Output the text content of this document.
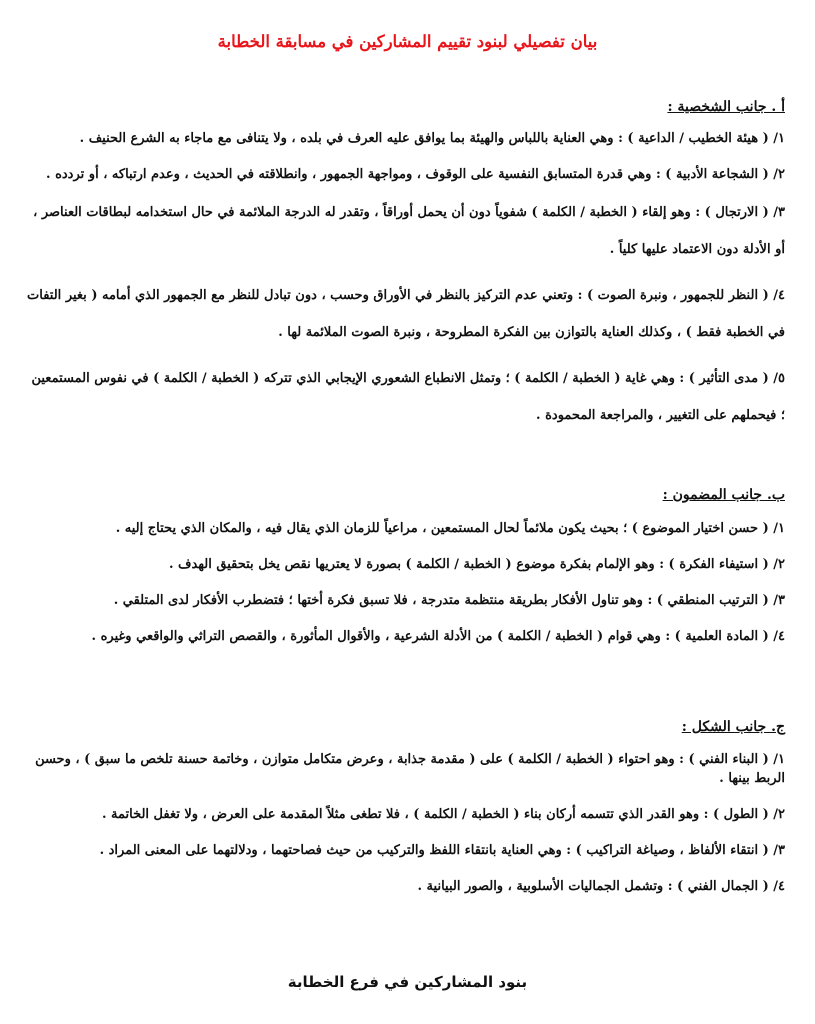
بيان تفصيلي لبنود تقييم المشاركين في مسابقة الخطابة
أ . جانب الشخصية :
١/ ( هيئة الخطيب / الداعية ) : وهي العناية باللباس والهيئة بما يوافق عليه العرف في بلده ، ولا يتنافى مع ماجاء به الشرع الحنيف .
٢/ ( الشجاعة الأدبية ) : وهي قدرة المتسابق النفسية على الوقوف ، ومواجهة الجمهور ، وانطلاقته في الحديث ، وعدم ارتباكه ، أو تردده .
٣/ ( الارتجال ) : وهو إلقاء ( الخطبة / الكلمة ) شفوياً دون أن يحمل أوراقاً ، وتقدر له الدرجة الملائمة في حال استخدامه لبطاقات العناصر ، أو الأدلة دون الاعتماد عليها كلياً .
٤/ ( النظر للجمهور ، ونبرة الصوت ) : وتعني عدم التركيز بالنظر في الأوراق وحسب ، دون تبادل للنظر مع الجمهور الذي أمامه ( بغير التفات في الخطبة فقط ) ، وكذلك العناية بالتوازن بين الفكرة المطروحة ، ونبرة الصوت الملائمة لها .
٥/ ( مدى التأثير ) : وهي غاية ( الخطبة / الكلمة ) ؛ وتمثل الانطباع الشعوري الإيجابي الذي تتركه ( الخطبة / الكلمة ) في نفوس المستمعين ؛ فيحملهم على التغيير ، والمراجعة المحمودة .
ب. جانب المضمون :
١/ ( حسن اختيار الموضوع ) ؛ بحيث يكون ملائماً لحال المستمعين ، مراعياً للزمان الذي يقال فيه ، والمكان الذي يحتاج إليه .
٢/ ( استيفاء الفكرة ) : وهو الإلمام بفكرة موضوع ( الخطبة / الكلمة ) بصورة لا يعتريها نقص يخل بتحقيق الهدف .
٣/ ( الترتيب المنطقي ) : وهو تناول الأفكار بطريقة منتظمة متدرجة ، فلا تسبق فكرة أختها ؛ فتضطرب الأفكار لدى المتلقي .
٤/ ( المادة العلمية ) : وهي قوام ( الخطبة / الكلمة ) من الأدلة الشرعية ، والأقوال المأثورة ، والقصص التراثي والواقعي وغيره .
ج. جانب الشكل :
١/ ( البناء الفني ) : وهو احتواء ( الخطبة / الكلمة ) على ( مقدمة جذابة ، وعرض متكامل متوازن ، وخاتمة حسنة تلخص ما سبق ) ، وحسن الربط بينها .
٢/ ( الطول ) : وهو القدر الذي تتسمه أركان بناء ( الخطبة / الكلمة ) ، فلا تطغى مثلاً المقدمة على العرض ، ولا تغفل الخاتمة .
٣/ ( انتقاء الألفاظ ، وصياغة التراكيب ) : وهي العناية بانتقاء اللفظ والتركيب من حيث فصاحتهما ، ودلالتهما على المعنى المراد .
٤/ ( الجمال الفني ) : وتشمل الجماليات الأسلوبية ، والصور البيانية .
بنود المشاركين في فرع الخطابة
